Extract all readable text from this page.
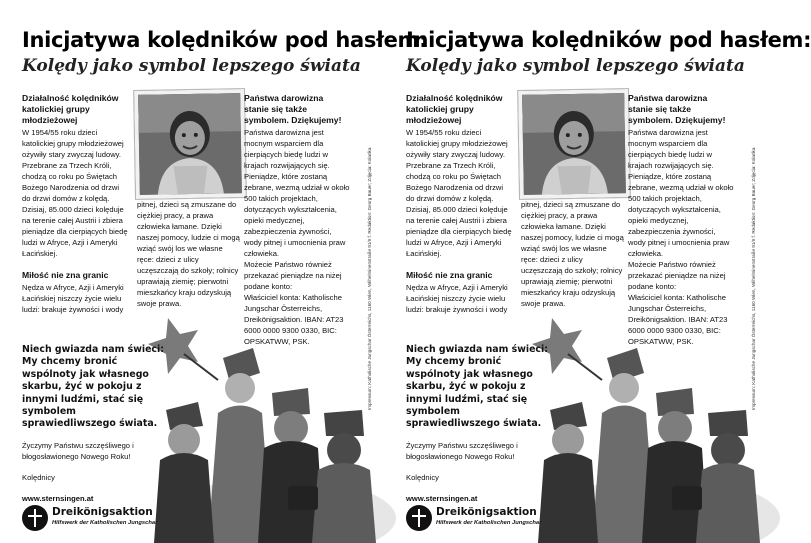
Inicjatywa kolędników pod hasłem:
Kolędy jako symbol lepszego świata
Działalność kolędników katolickiej grupy młodzieżowej

W 1954/55 roku dzieci katolickiej grupy młodzieżowej ożywiły stary zwyczaj ludowy. Przebrane za Trzech Króli, chodzą co roku po Świętach Bożego Narodzenia od drzwi do drzwi domów z kolędą. Dzisiaj, 85.000 dzieci kolęduje na terenie całej Austrii i zbiera pieniądze dla cierpiących biedę ludzi w Afryce, Azji i Ameryki Łacińskiej.

Miłość nie zna granic

Nędza w Afryce, Azji i Ameryki Łacińskiej niszczy życie wielu ludzi: brakuje żywności i wody

pitnej, dzieci są zmuszane do ciężkiej pracy, a prawa człowieka łamane. Dzięki naszej pomocy, ludzie ci mogą wziąć swój los we własne ręce: dzieci z ulicy uczęszczają do szkoły; rolnicy uprawiają ziemię; pierwotni mieszkańcy kraju odzyskują swoje prawa.

Państwa darowizna stanie się także symbolem. Dziękujemy!

Państwa darowizna jest mocnym wsparciem dla cierpiących biedę ludzi w krajach rozwijających się. Pieniądze, które zostaną zebrane, wezmą udział w około 500 takich projektach, dotyczących wykształcenia, opieki medycznej, zabezpieczenia żywności, wody pitnej i umocnienia praw człowieka.

Możecie Państwo również przekazać pieniądze na niżej podane konto:

Właściciel konta: Katholische Jungschar Österreichs, Dreikönigsaktion. IBAN: AT23 6000 0000 9300 0330, BIC: OPSKATWW, PSK.	Impressum: Katholische Jungschar Österreichs, 1160 Wien, Wilhelminenstraße 91/II f. Redaktion: Georg Bauer; Zdjęcia: Kolarika
Niech gwiazda nam świeci: My chcemy bronić wspólnoty jak własnego skarbu, żyć w pokoju z innymi ludźmi, stać się symbolem sprawiedliwszego świata.

Życzymy Państwu szczęśliwego i błogosławionego Nowego Roku!

Kolędnicy

www.sternsingen.at

Dreikönigsaktion
Hilfswerk der Katholischen Jungschar
Inicjatywa kolędników pod hasłem:
Kolędy jako symbol lepszego świata
Działalność kolędników katolickiej grupy młodzieżowej

W 1954/55 roku dzieci katolickiej grupy młodzieżowej ożywiły stary zwyczaj ludowy. Przebrane za Trzech Króli, chodzą co roku po Świętach Bożego Narodzenia od drzwi do drzwi domów z kolędą. Dzisiaj, 85.000 dzieci kolęduje na terenie całej Austrii i zbiera pieniądze dla cierpiących biedę ludzi w Afryce, Azji i Ameryki Łacińskiej.

Miłość nie zna granic

Nędza w Afryce, Azji i Ameryki Łacińskiej niszczy życie wielu ludzi: brakuje żywności i wody

pitnej, dzieci są zmuszane do ciężkiej pracy, a prawa człowieka łamane. Dzięki naszej pomocy, ludzie ci mogą wziąć swój los we własne ręce: dzieci z ulicy uczęszczają do szkoły; rolnicy uprawiają ziemię; pierwotni mieszkańcy kraju odzyskują swoje prawa.

Państwa darowizna stanie się także symbolem. Dziękujemy!

Państwa darowizna jest mocnym wsparciem dla cierpiących biedę ludzi w krajach rozwijających się. Pieniądze, które zostaną zebrane, wezmą udział w około 500 takich projektach, dotyczących wykształcenia, opieki medycznej, zabezpieczenia żywności, wody pitnej i umocnienia praw człowieka.

Możecie Państwo również przekazać pieniądze na niżej podane konto:

Właściciel konta: Katholische Jungschar Österreichs, Dreikönigsaktion. IBAN: AT23 6000 0000 9300 0330, BIC: OPSKATWW, PSK.	Impressum: Katholische Jungschar Österreichs, 1160 Wien, Wilhelminenstraße 91/II f. Redaktion: Georg Bauer; Zdjęcia: Kolarika
Niech gwiazda nam świeci: My chcemy bronić wspólnoty jak własnego skarbu, żyć w pokoju z innymi ludźmi, stać się symbolem sprawiedliwszego świata.

Życzymy Państwu szczęśliwego i błogosławionego Nowego Roku!

Kolędnicy

www.sternsingen.at

Dreikönigsaktion
Hilfswerk der Katholischen Jungschar
